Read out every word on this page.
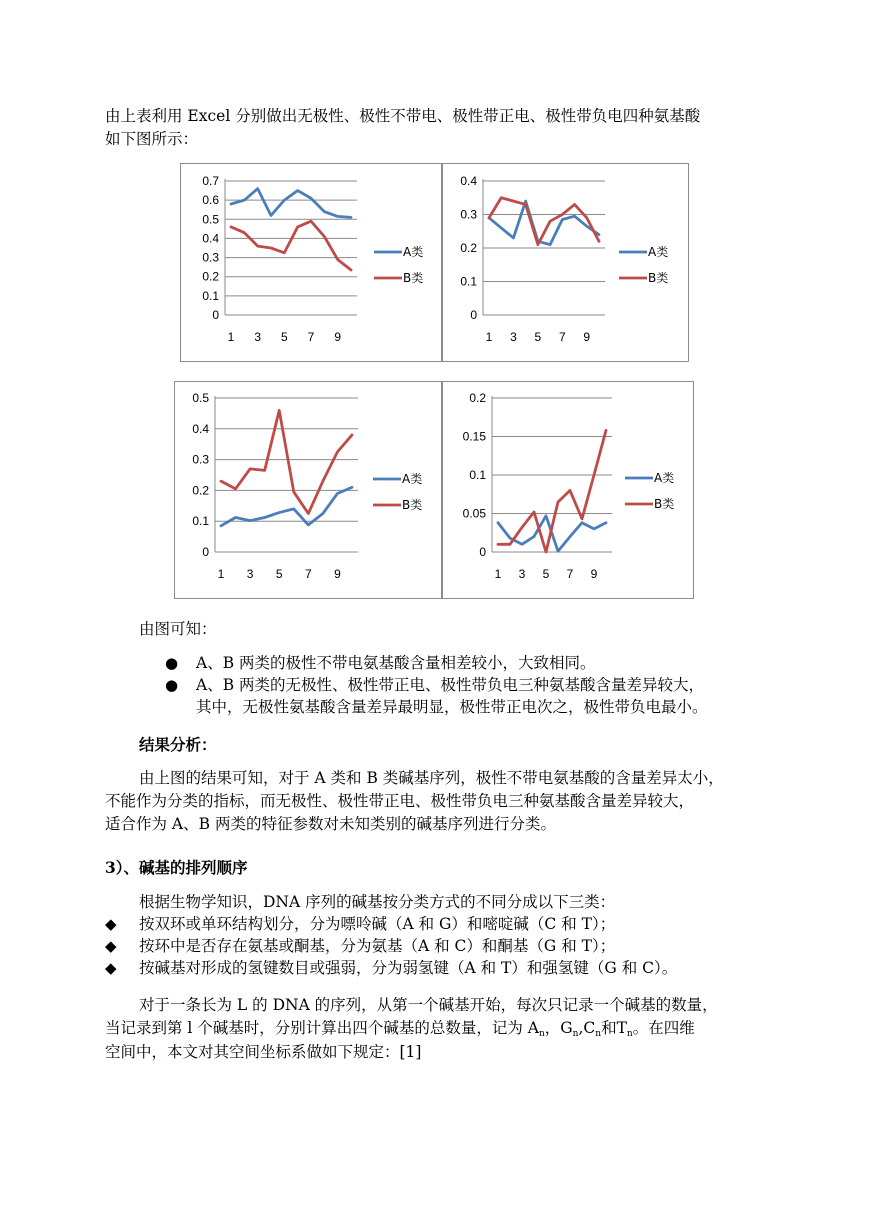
由上表利用 Excel 分别做出无极性、极性不带电、极性带正电、极性带负电四种氨基酸
如下图所示：
0
0.1
0.2
0.3
0.4
0.5
0.6
0.7
1 3 5 7 9
A类
B类
0
0.1
0.2
0.3
0.4
1 3 5 7 9
A类
B类
0
0.1
0.2
0.3
0.4
0.5
1 3 5 7 9
A类
B类
0
0.05
0.1
0.15
0.2
1 3 5 7 9
A类
B类
由图可知：
● A、B 两类的极性不带电氨基酸含量相差较小，大致相同。
● A、B 两类的无极性、极性带正电、极性带负电三种氨基酸含量差异较大，
其中，无极性氨基酸含量差异最明显，极性带正电次之，极性带负电最小。
结果分析：
由上图的结果可知，对于 A 类和 B 类碱基序列，极性不带电氨基酸的含量差异太小，
不能作为分类的指标，而无极性、极性带正电、极性带负电三种氨基酸含量差异较大，
适合作为 A、B 两类的特征参数对未知类别的碱基序列进行分类。
3）、碱基的排列顺序
根据生物学知识，DNA 序列的碱基按分类方式的不同分成以下三类：
◆ 按双环或单环结构划分，分为嘌呤碱（A 和 G）和嘧啶碱（C 和 T）；
◆ 按环中是否存在氨基或酮基，分为氨基（A 和 C）和酮基（G 和 T）；
◆ 按碱基对形成的氢键数目或强弱，分为弱氢键（A 和 T）和强氢键（G 和 C）。
对于一条长为 L 的 DNA 的序列，从第一个碱基开始，每次只记录一个碱基的数量，
当记录到第 l 个碱基时，分别计算出四个碱基的总数量，记为 $A_n$，$G_n,C_n$和$T_n$。在四维
空间中，本文对其空间坐标系做如下规定：[1]
